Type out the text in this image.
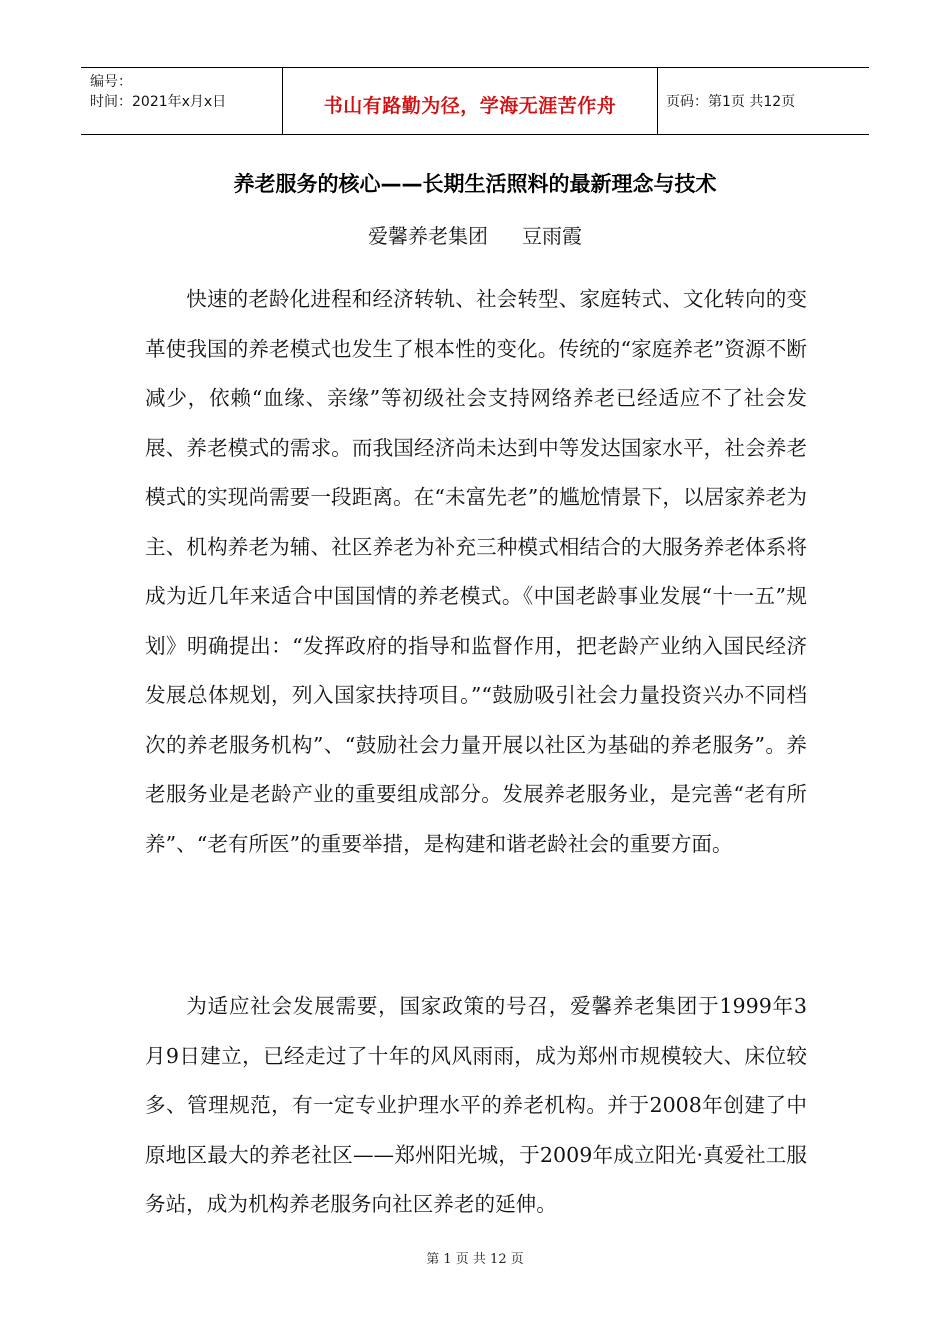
编号：
时间：2021年x月x日	书山有路勤为径，学海无涯苦作舟	页码：第1页 共12页
养老服务的核心——长期生活照料的最新理念与技术
爱馨养老集团 豆雨霞

快速的老龄化进程和经济转轨、社会转型、家庭转式、文化转向的变革使我国的养老模式也发生了根本性的变化。传统的“家庭养老”资源不断减少，依赖“血缘、亲缘”等初级社会支持网络养老已经适应不了社会发展、养老模式的需求。而我国经济尚未达到中等发达国家水平，社会养老模式的实现尚需要一段距离。在“未富先老”的尴尬情景下，以居家养老为主、机构养老为辅、社区养老为补充三种模式相结合的大服务养老体系将成为近几年来适合中国国情的养老模式。《中国老龄事业发展“十一五”规划》明确提出：“发挥政府的指导和监督作用，把老龄产业纳入国民经济发展总体规划，列入国家扶持项目。”“鼓励吸引社会力量投资兴办不同档次的养老服务机构”、“鼓励社会力量开展以社区为基础的养老服务”。养老服务业是老龄产业的重要组成部分。发展养老服务业，是完善“老有所养”、“老有所医”的重要举措，是构建和谐老龄社会的重要方面。

为适应社会发展需要，国家政策的号召，爱馨养老集团于1999年3月9日建立，已经走过了十年的风风雨雨，成为郑州市规模较大、床位较多、管理规范，有一定专业护理水平的养老机构。并于2008年创建了中原地区最大的养老社区——郑州阳光城，于2009年成立阳光·真爱社工服务站，成为机构养老服务向社区养老的延伸。

第 1 页 共 12 页
